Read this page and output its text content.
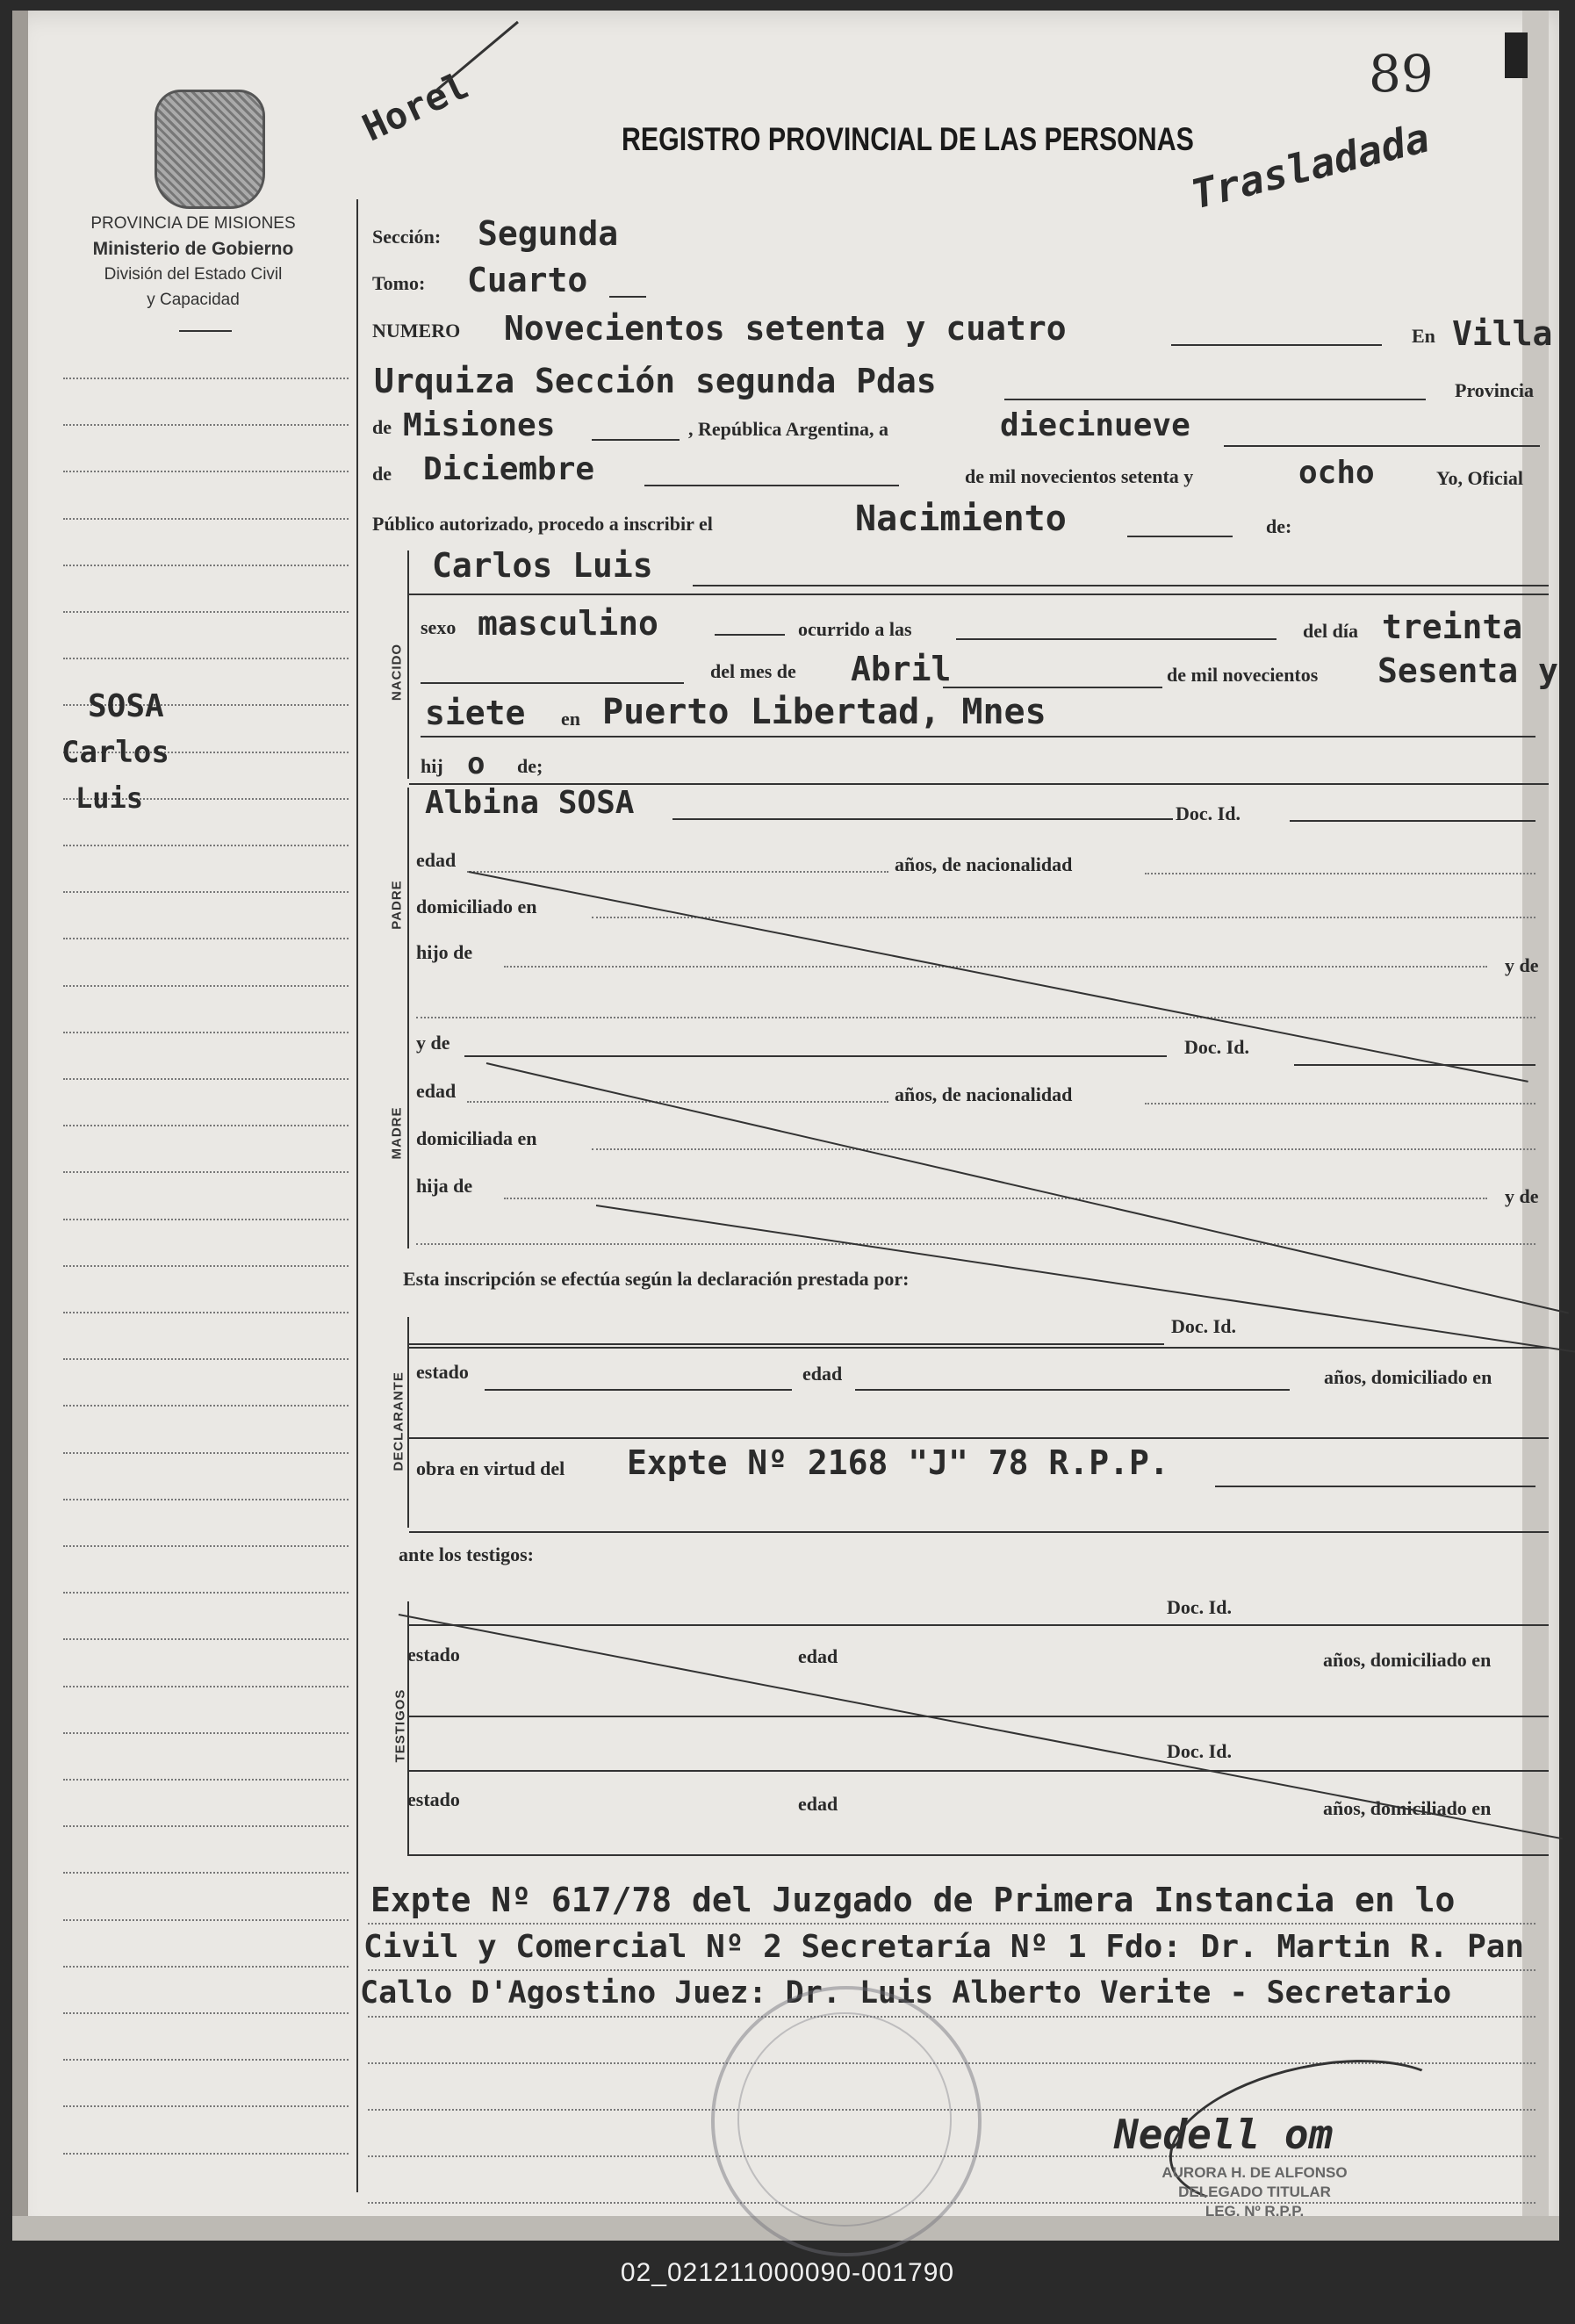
89
PROVINCIA DE MISIONES
Ministerio de Gobierno
División del Estado Civil
y Capacidad
SOSA
Carlos
Luis
Horel	REGISTRO PROVINCIAL DE LAS PERSONAS
Trasladada
Sección: Segunda
Tomo: Cuarto
NUMERO Novecientos setenta y cuatro	En Villa
Urquiza Sección segunda Pdas	Provincia
de Misiones	, República Argentina, a	diecinueve
de Diciembre	de mil novecientos setenta y	ocho	Yo, Oficial
Público autorizado, procedo a inscribir el	Nacimiento	de:
NACIDO
Carlos Luis
sexo masculino	ocurrido a las	del día treinta
del mes de Abril	de mil novecientos Sesenta y
siete en Puerto Libertad, Mnes
hij o de;
PADRE
Albina SOSA	Doc. Id.
edad	años, de nacionalidad
domiciliado en
hijo de
y de
MADRE
y de	Doc. Id.
edad	años, de nacionalidad
domiciliada en
hija de	y de
Esta inscripción se efectúa según la declaración prestada por:
DECLARANTE
Doc. Id.
estado	edad	años, domiciliado en
obra en virtud del Expte Nº 2168 "J" 78 R.P.P.
ante los testigos:
TESTIGOS
Doc. Id.
estado	edad	años, domiciliado en
Doc. Id.
estado	edad	años, domiciliado en
Expte Nº 617/78 del Juzgado de Primera Instancia en lo
Civil y Comercial Nº 2 Secretaría Nº 1 Fdo: Dr. Martin R. Pan
Callo D'Agostino Juez: Dr. Luis Alberto Verite - Secretario
Nedell om
AURORA H. DE ALFONSO
DELEGADO TITULAR
LEG. Nº R.P.P.
02_021211000090-001790
